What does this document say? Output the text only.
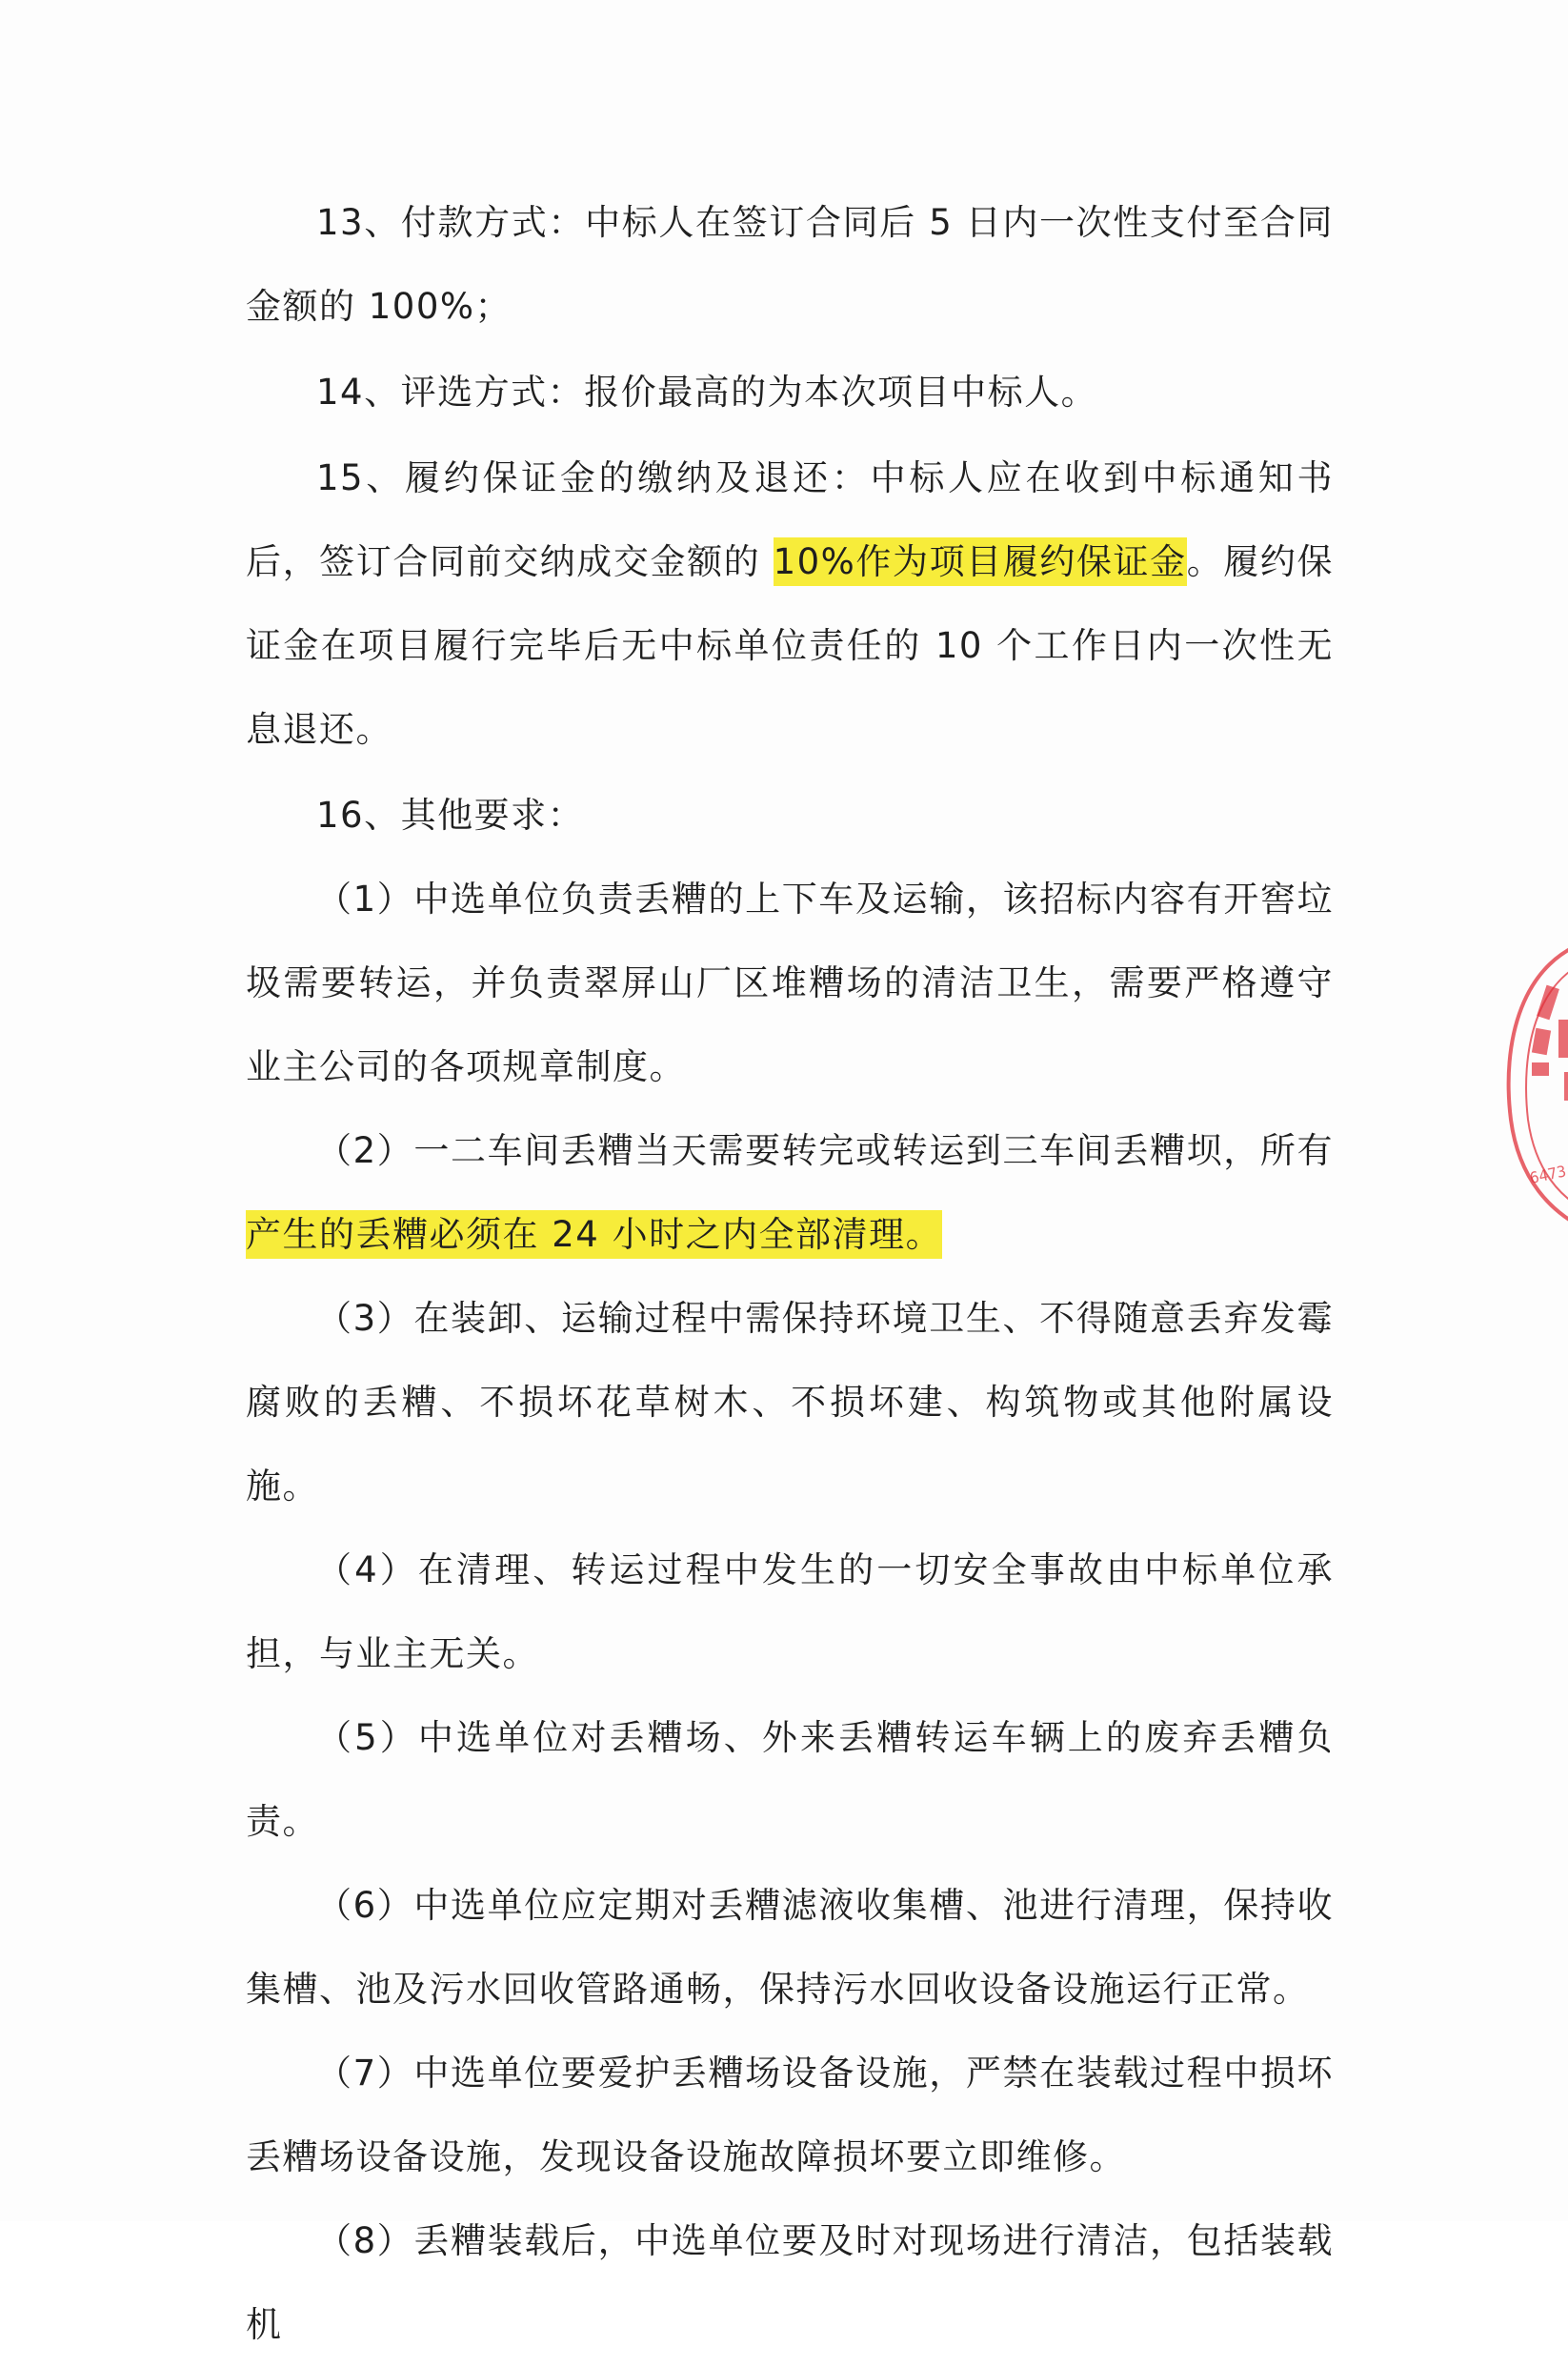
13、付款方式：中标人在签订合同后 5 日内一次性支付至合同金额的 100%；

14、评选方式：报价最高的为本次项目中标人。

15、履约保证金的缴纳及退还：中标人应在收到中标通知书后，签订合同前交纳成交金额的 10%作为项目履约保证金。履约保证金在项目履行完毕后无中标单位责任的 10 个工作日内一次性无息退还。

16、其他要求：

（1）中选单位负责丢糟的上下车及运输，该招标内容有开窖垃圾需要转运，并负责翠屏山厂区堆糟场的清洁卫生，需要严格遵守业主公司的各项规章制度。

（2）一二车间丢糟当天需要转完或转运到三车间丢糟坝，所有产生的丢糟必须在 24 小时之内全部清理。

（3）在装卸、运输过程中需保持环境卫生、不得随意丢弃发霉腐败的丢糟、不损坏花草树木、不损坏建、构筑物或其他附属设施。

（4）在清理、转运过程中发生的一切安全事故由中标单位承担，与业主无关。

（5）中选单位对丢糟场、外来丢糟转运车辆上的废弃丢糟负责。

（6）中选单位应定期对丢糟滤液收集槽、池进行清理，保持收集槽、池及污水回收管路通畅，保持污水回收设备设施运行正常。

（7）中选单位要爱护丢糟场设备设施，严禁在装载过程中损坏丢糟场设备设施，发现设备设施故障损坏要立即维修。

（8）丢糟装载后，中选单位要及时对现场进行清洁，包括装载机

6473
